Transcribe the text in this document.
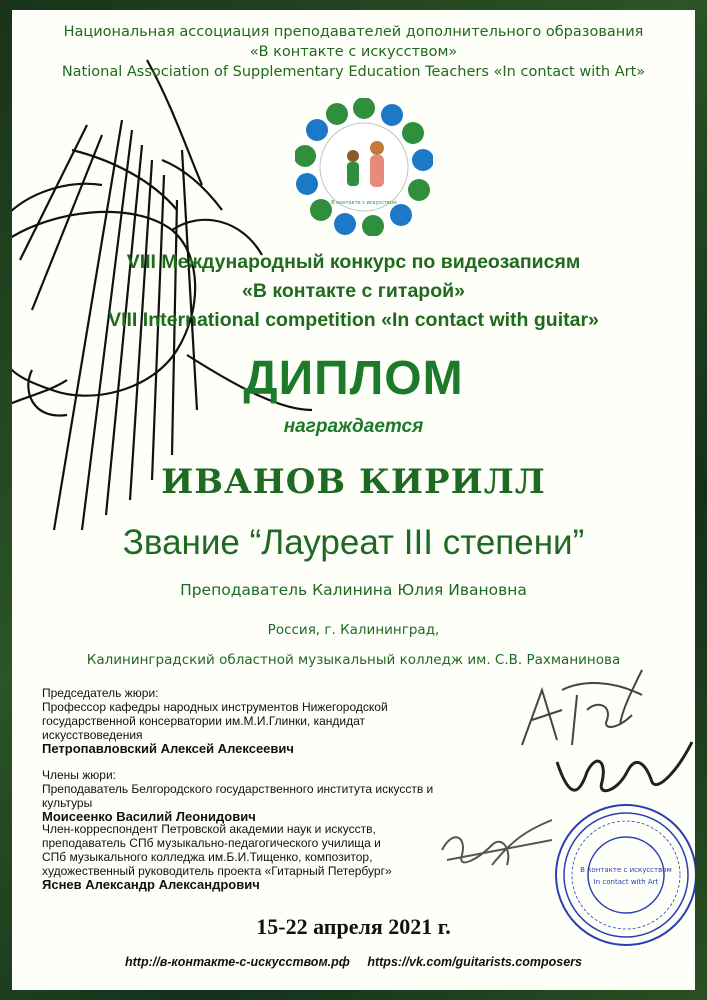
Национальная ассоциация преподавателей дополнительного образования
«В контакте с искусством»
National Association of Supplementary Education Teachers «In contact with Art»
В контакте с искусством
VIII Международный конкурс по видеозаписям
«В контакте с гитарой»
VIII International competition «In contact with guitar»
ДИПЛОМ
награждается
ИВАНОВ КИРИЛЛ
Звание “Лауреат III степени”
Преподаватель Калинина Юлия Ивановна
Россия, г. Калининград,
Калининградский областной музыкальный колледж им. С.В. Рахманинова
Председатель жюри:
Профессор кафедры народных инструментов Нижегородской
государственной консерватории им.М.И.Глинки, кандидат искусствоведения
Петропавловский Алексей Алексеевич
Члены жюри:
Преподаватель Белгородского государственного института искусств и культуры
Моисеенко Василий Леонидович
Член-корреспондент Петровской академии наук и искусств,
преподаватель СПб музыкально-педагогического училища и
СПб музыкального колледжа им.Б.И.Тищенко, композитор,
художественный руководитель проекта «Гитарный Петербург»
Яснев Александр Александрович
В контакте с искусством
In contact with Art
15-22 апреля 2021 г.
http://в-контакте-с-искусством.рф https://vk.com/guitarists.composers
